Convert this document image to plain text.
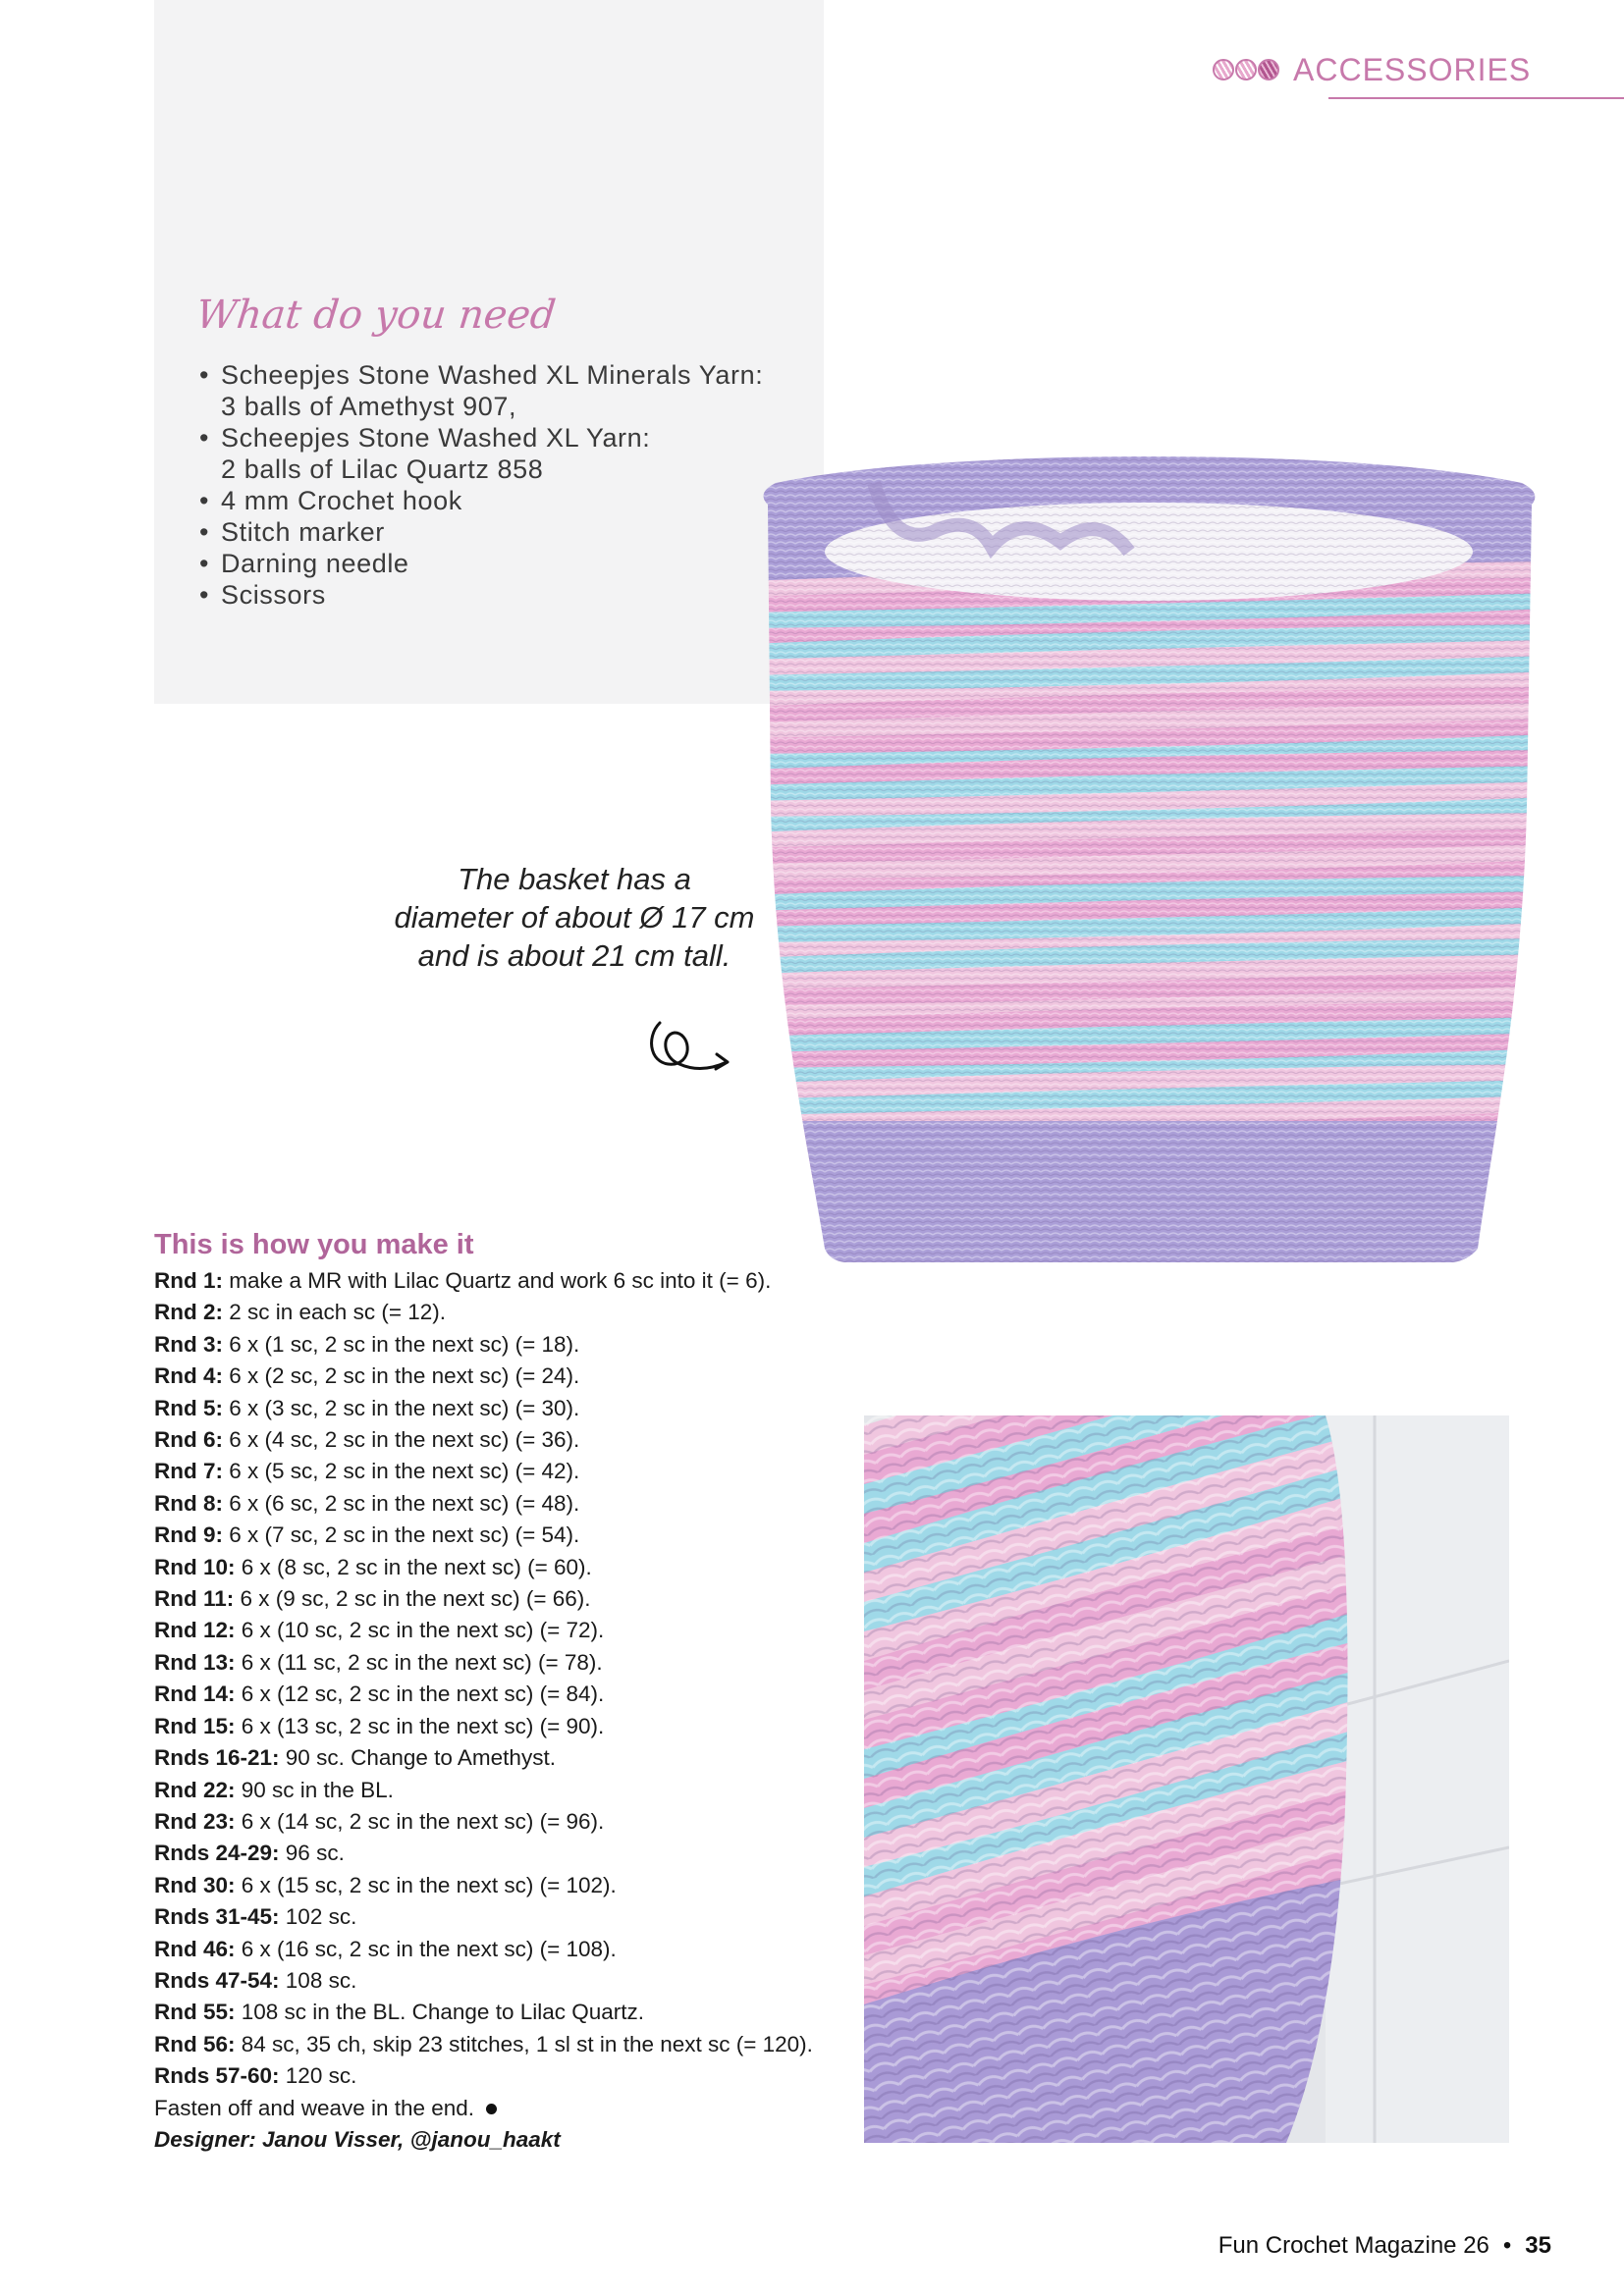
ACCESSORIES
What do you need
• Scheepjes Stone Washed XL Minerals Yarn:
3 balls of Amethyst 907,
• Scheepjes Stone Washed XL Yarn:
2 balls of Lilac Quartz 858
• 4 mm Crochet hook
• Stitch marker
• Darning needle
• Scissors
The basket has a
diameter of about Ø 17 cm
and is about 21 cm tall.
This is how you make it
Rnd 1: make a MR with Lilac Quartz and work 6 sc into it (= 6).
Rnd 2: 2 sc in each sc (= 12).
Rnd 3: 6 x (1 sc, 2 sc in the next sc) (= 18).
Rnd 4: 6 x (2 sc, 2 sc in the next sc) (= 24).
Rnd 5: 6 x (3 sc, 2 sc in the next sc) (= 30).
Rnd 6: 6 x (4 sc, 2 sc in the next sc) (= 36).
Rnd 7: 6 x (5 sc, 2 sc in the next sc) (= 42).
Rnd 8: 6 x (6 sc, 2 sc in the next sc) (= 48).
Rnd 9: 6 x (7 sc, 2 sc in the next sc) (= 54).
Rnd 10: 6 x (8 sc, 2 sc in the next sc) (= 60).
Rnd 11: 6 x (9 sc, 2 sc in the next sc) (= 66).
Rnd 12: 6 x (10 sc, 2 sc in the next sc) (= 72).
Rnd 13: 6 x (11 sc, 2 sc in the next sc) (= 78).
Rnd 14: 6 x (12 sc, 2 sc in the next sc) (= 84).
Rnd 15: 6 x (13 sc, 2 sc in the next sc) (= 90).
Rnds 16-21: 90 sc. Change to Amethyst.
Rnd 22: 90 sc in the BL.
Rnd 23: 6 x (14 sc, 2 sc in the next sc) (= 96).
Rnds 24-29: 96 sc.
Rnd 30: 6 x (15 sc, 2 sc in the next sc) (= 102).
Rnds 31-45: 102 sc.
Rnd 46: 6 x (16 sc, 2 sc in the next sc) (= 108).
Rnds 47-54: 108 sc.
Rnd 55: 108 sc in the BL. Change to Lilac Quartz.
Rnd 56: 84 sc, 35 ch, skip 23 stitches, 1 sl st in the next sc (= 120).
Rnds 57-60: 120 sc.
Fasten off and weave in the end.
Designer: Janou Visser, @janou_haakt
Fun Crochet Magazine 26 • 35
